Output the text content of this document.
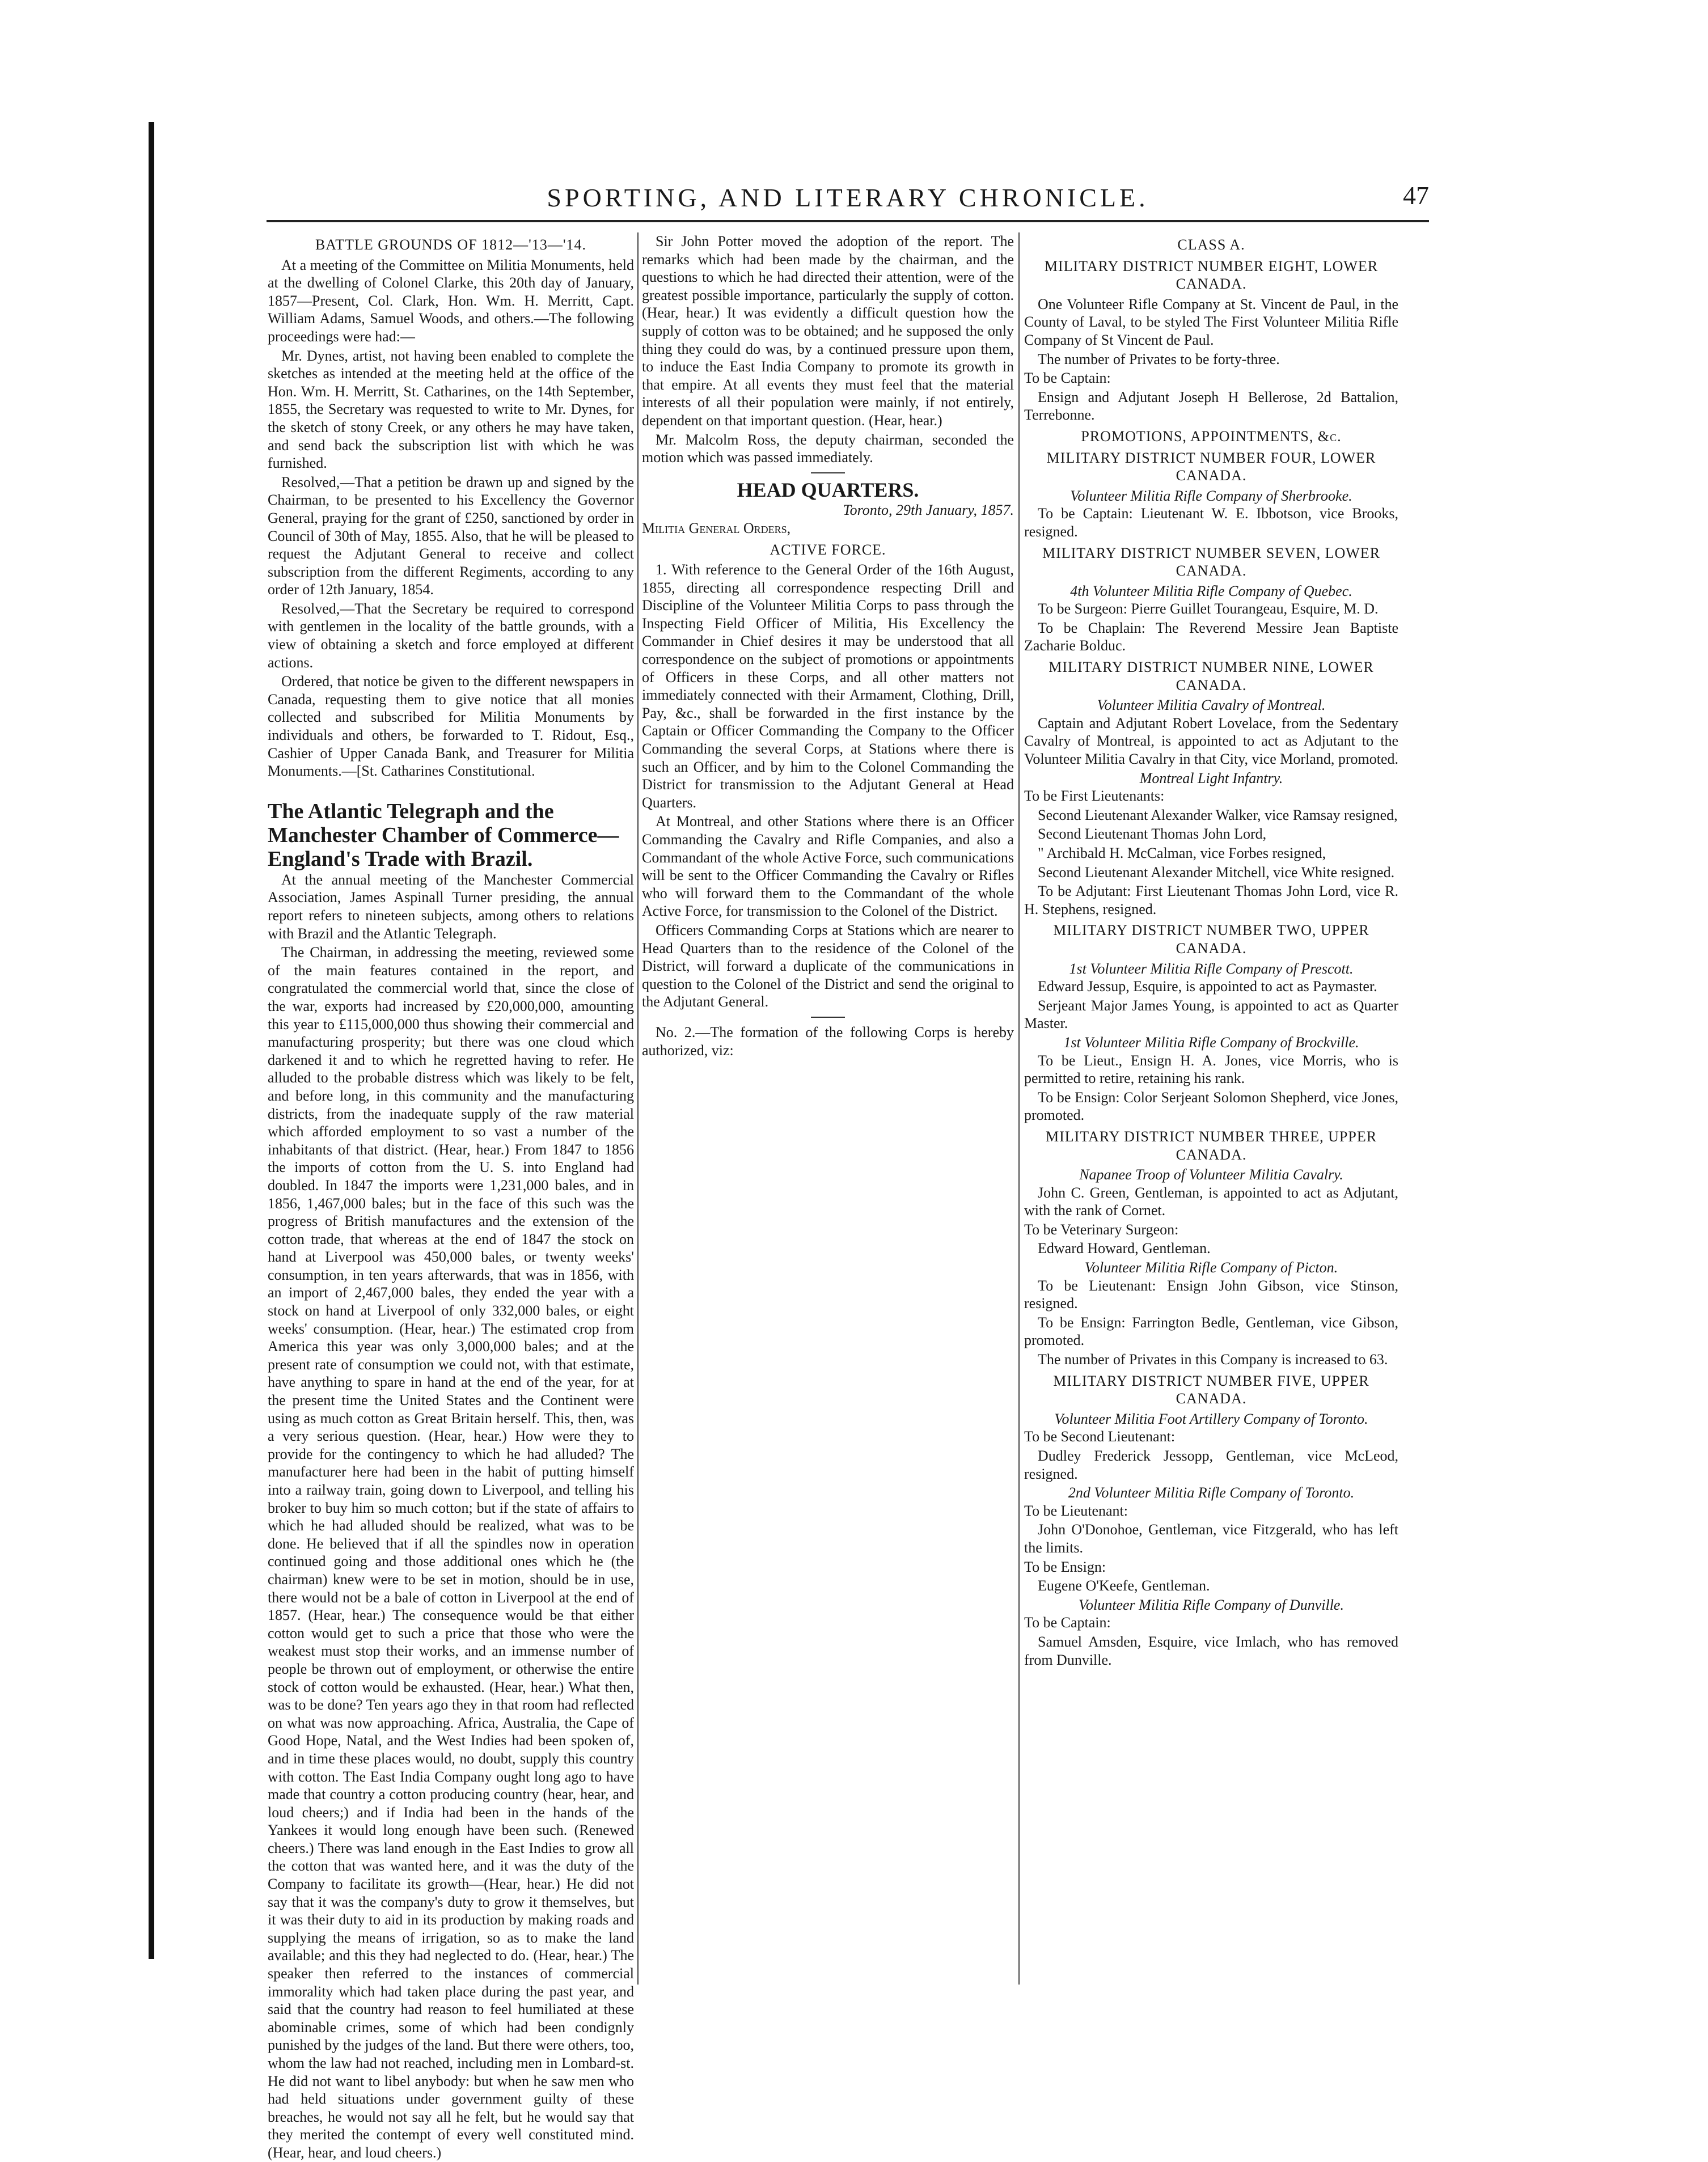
SPORTING, AND LITERARY CHRONICLE.	47
BATTLE GROUNDS OF 1812—'13—'14.

At a meeting of the Committee on Militia Monuments, held at the dwelling of Colonel Clarke, this 20th day of January, 1857—Present, Col. Clark, Hon. Wm. H. Merritt, Capt. William Adams, Samuel Woods, and others.—The following proceedings were had:—

Mr. Dynes, artist, not having been enabled to complete the sketches as intended at the meeting held at the office of the Hon. Wm. H. Merritt, St. Catharines, on the 14th September, 1855, the Secretary was requested to write to Mr. Dynes, for the sketch of stony Creek, or any others he may have taken, and send back the subscription list with which he was furnished.

Resolved,—That a petition be drawn up and signed by the Chairman, to be presented to his Excellency the Governor General, praying for the grant of £250, sanctioned by order in Council of 30th of May, 1855. Also, that he will be pleased to request the Adjutant General to receive and collect subscription from the different Regiments, according to any order of 12th January, 1854.

Resolved,—That the Secretary be required to correspond with gentlemen in the locality of the battle grounds, with a view of obtaining a sketch and force employed at different actions.

Ordered, that notice be given to the different newspapers in Canada, requesting them to give notice that all monies collected and subscribed for Militia Monuments by individuals and others, be forwarded to T. Ridout, Esq., Cashier of Upper Canada Bank, and Treasurer for Militia Monuments.—[St. Catharines Constitutional.

The Atlantic Telegraph and the Manchester Chamber of Commerce—England's Trade with Brazil.

At the annual meeting of the Manchester Commercial Association, James Aspinall Turner presiding, the annual report refers to nineteen subjects, among others to relations with Brazil and the Atlantic Telegraph.

The Chairman, in addressing the meeting, reviewed some of the main features contained in the report, and congratulated the commercial world that, since the close of the war, exports had increased by £20,000,000, amounting this year to £115,000,000 thus showing their commercial and manufacturing prosperity; but there was one cloud which darkened it and to which he regretted having to refer. He alluded to the probable distress which was likely to be felt, and before long, in this community and the manufacturing districts, from the inadequate supply of the raw material which afforded employment to so vast a number of the inhabitants of that district. (Hear, hear.) From 1847 to 1856 the imports of cotton from the U. S. into England had doubled. In 1847 the imports were 1,231,000 bales, and in 1856, 1,467,000 bales; but in the face of this such was the progress of British manufactures and the extension of the cotton trade, that whereas at the end of 1847 the stock on hand at Liverpool was 450,000 bales, or twenty weeks' consumption, in ten years afterwards, that was in 1856, with an import of 2,467,000 bales, they ended the year with a stock on hand at Liverpool of only 332,000 bales, or eight weeks' consumption. (Hear, hear.) The estimated crop from America this year was only 3,000,000 bales; and at the present rate of consumption we could not, with that estimate, have anything to spare in hand at the end of the year, for at the present time the United States and the Continent were using as much cotton as Great Britain herself. This, then, was a very serious question. (Hear, hear.) How were they to provide for the contingency to which he had alluded? The manufacturer here had been in the habit of putting himself into a railway train, going down to Liverpool, and telling his broker to buy him so much cotton; but if the state of affairs to which he had alluded should be realized, what was to be done. He believed that if all the spindles now in operation continued going and those additional ones which he (the chairman) knew were to be set in motion, should be in use, there would not be a bale of cotton in Liverpool at the end of 1857. (Hear, hear.) The consequence would be that either cotton would get to such a price that those who were the weakest must stop their works, and an immense number of people be thrown out of employment, or otherwise the entire stock of cotton would be exhausted. (Hear, hear.) What then, was to be done? Ten years ago they in that room had reflected on what was now approaching. Africa, Australia, the Cape of Good Hope, Natal, and the West Indies had been spoken of, and in time these places would, no doubt, supply this country with cotton. The East India Company ought long ago to have made that country a cotton producing country (hear, hear, and loud cheers;) and if India had been in the hands of the Yankees it would long enough have been such. (Renewed cheers.) There was land enough in the East Indies to grow all the cotton that was wanted here, and it was the duty of the Company to facilitate its growth—(Hear, hear.) He did not say that it was the company's duty to grow it themselves, but it was their duty to aid in its production by making roads and supplying the means of irrigation, so as to make the land available; and this they had neglected to do. (Hear, hear.) The speaker then referred to the instances of commercial immorality which had taken place during the past year, and said that the country had reason to feel humiliated at these abominable crimes, some of which had been condignly punished by the judges of the land. But there were others, too, whom the law had not reached, including men in Lombard-st. He did not want to libel anybody: but when he saw men who had held situations under government guilty of these breaches, he would not say all he felt, but he would say that they merited the contempt of every well constituted mind. (Hear, hear, and loud cheers.)

Sir John Potter moved the adoption of the report. The remarks which had been made by the chairman, and the questions to which he had directed their attention, were of the greatest possible importance, particularly the supply of cotton. (Hear, hear.) It was evidently a difficult question how the supply of cotton was to be obtained; and he supposed the only thing they could do was, by a continued pressure upon them, to induce the East India Company to promote its growth in that empire. At all events they must feel that the material interests of all their population were mainly, if not entirely, dependent on that important question. (Hear, hear.)

Mr. Malcolm Ross, the deputy chairman, seconded the motion which was passed immediately.

HEAD QUARTERS.
Toronto, 29th January, 1857.
Militia General Orders,
ACTIVE FORCE.

1. With reference to the General Order of the 16th August, 1855, directing all correspondence respecting Drill and Discipline of the Volunteer Militia Corps to pass through the Inspecting Field Officer of Militia, His Excellency the Commander in Chief desires it may be understood that all correspondence on the subject of promotions or appointments of Officers in these Corps, and all other matters not immediately connected with their Armament, Clothing, Drill, Pay, &c., shall be forwarded in the first instance by the Captain or Officer Commanding the Company to the Officer Commanding the several Corps, at Stations where there is such an Officer, and by him to the Colonel Commanding the District for transmission to the Adjutant General at Head Quarters.

At Montreal, and other Stations where there is an Officer Commanding the Cavalry and Rifle Companies, and also a Commandant of the whole Active Force, such communications will be sent to the Officer Commanding the Cavalry or Rifles who will forward them to the Commandant of the whole Active Force, for transmission to the Colonel of the District.

Officers Commanding Corps at Stations which are nearer to Head Quarters than to the residence of the Colonel of the District, will forward a duplicate of the communications in question to the Colonel of the District and send the original to the Adjutant General.

No. 2.—The formation of the following Corps is hereby authorized, viz:

CLASS A.
MILITARY DISTRICT NUMBER EIGHT, LOWER CANADA.

One Volunteer Rifle Company at St. Vincent de Paul, in the County of Laval, to be styled The First Volunteer Militia Rifle Company of St Vincent de Paul.

The number of Privates to be forty-three.

To be Captain:

Ensign and Adjutant Joseph H Bellerose, 2d Battalion, Terrebonne.

PROMOTIONS, APPOINTMENTS, &c.
MILITARY DISTRICT NUMBER FOUR, LOWER CANADA.
Volunteer Militia Rifle Company of Sherbrooke.

To be Captain: Lieutenant W. E. Ibbotson, vice Brooks, resigned.

MILITARY DISTRICT NUMBER SEVEN, LOWER CANADA.
4th Volunteer Militia Rifle Company of Quebec.

To be Surgeon: Pierre Guillet Tourangeau, Esquire, M. D.

To be Chaplain: The Reverend Messire Jean Baptiste Zacharie Bolduc.

MILITARY DISTRICT NUMBER NINE, LOWER CANADA.
Volunteer Militia Cavalry of Montreal.

Captain and Adjutant Robert Lovelace, from the Sedentary Cavalry of Montreal, is appointed to act as Adjutant to the Volunteer Militia Cavalry in that City, vice Morland, promoted.

Montreal Light Infantry.

To be First Lieutenants:

Second Lieutenant Alexander Walker, vice Ramsay resigned,

Second Lieutenant Thomas John Lord,

" Archibald H. McCalman, vice Forbes resigned,

Second Lieutenant Alexander Mitchell, vice White resigned.

To be Adjutant: First Lieutenant Thomas John Lord, vice R. H. Stephens, resigned.

MILITARY DISTRICT NUMBER TWO, UPPER CANADA.
1st Volunteer Militia Rifle Company of Prescott.

Edward Jessup, Esquire, is appointed to act as Paymaster.

Serjeant Major James Young, is appointed to act as Quarter Master.

1st Volunteer Militia Rifle Company of Brockville.

To be Lieut., Ensign H. A. Jones, vice Morris, who is permitted to retire, retaining his rank.

To be Ensign: Color Serjeant Solomon Shepherd, vice Jones, promoted.

MILITARY DISTRICT NUMBER THREE, UPPER CANADA.
Napanee Troop of Volunteer Militia Cavalry.

John C. Green, Gentleman, is appointed to act as Adjutant, with the rank of Cornet.

To be Veterinary Surgeon:

Edward Howard, Gentleman.

Volunteer Militia Rifle Company of Picton.

To be Lieutenant: Ensign John Gibson, vice Stinson, resigned.

To be Ensign: Farrington Bedle, Gentleman, vice Gibson, promoted.

The number of Privates in this Company is increased to 63.

MILITARY DISTRICT NUMBER FIVE, UPPER CANADA.
Volunteer Militia Foot Artillery Company of Toronto.

To be Second Lieutenant:

Dudley Frederick Jessopp, Gentleman, vice McLeod, resigned.

2nd Volunteer Militia Rifle Company of Toronto.

To be Lieutenant:

John O'Donohoe, Gentleman, vice Fitzgerald, who has left the limits.

To be Ensign:

Eugene O'Keefe, Gentleman.

Volunteer Militia Rifle Company of Dunville.

To be Captain:

Samuel Amsden, Esquire, vice Imlach, who has removed from Dunville.
